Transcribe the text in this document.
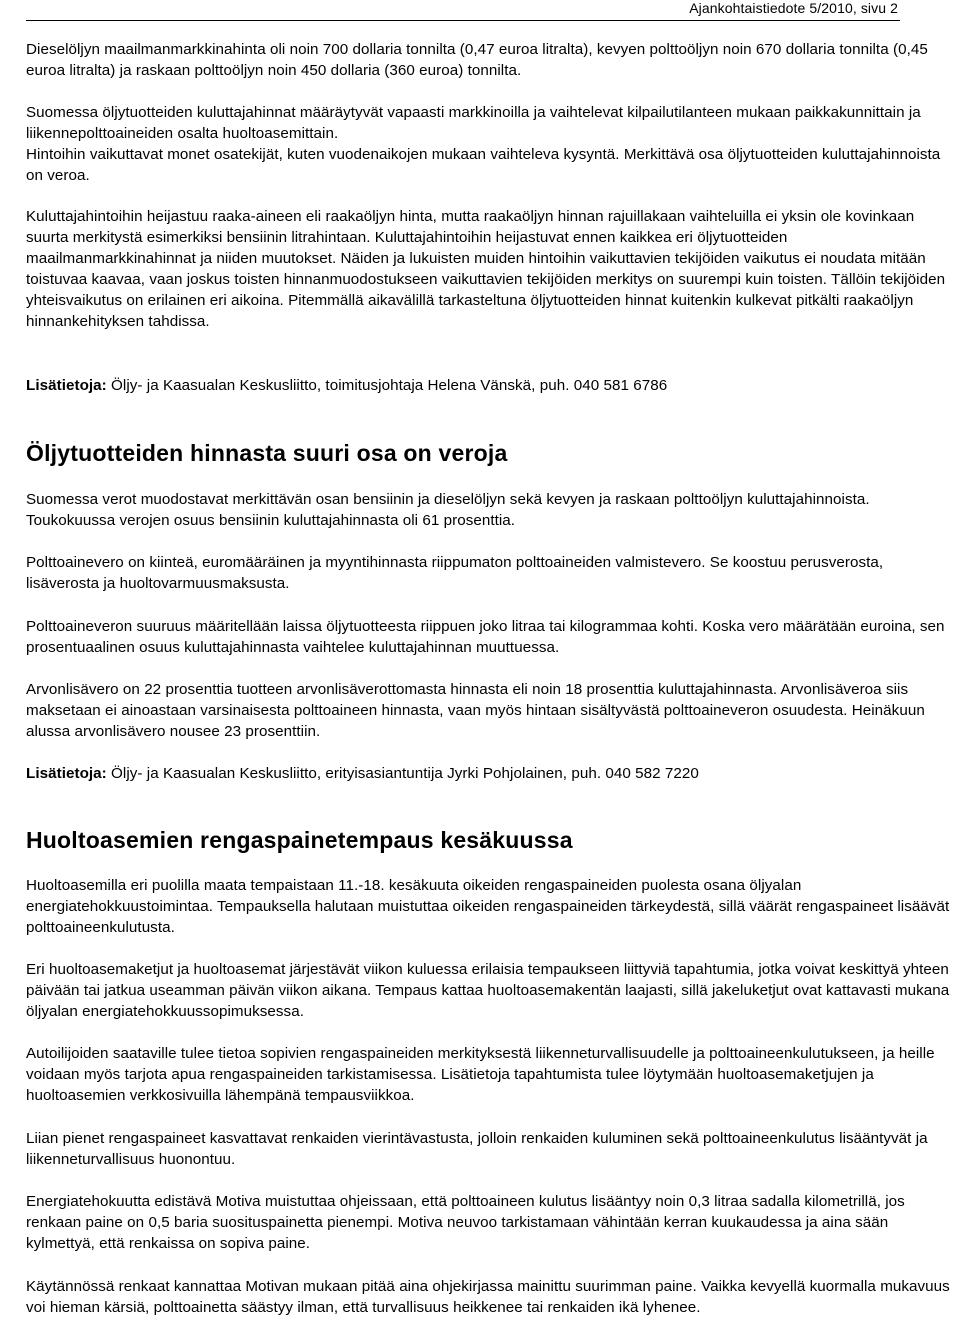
Ajankohtaistiedote 5/2010, sivu 2

Dieselöljyn maailmanmarkkinahinta oli noin 700 dollaria tonnilta (0,47 euroa litralta), kevyen polttoöljyn noin 670 dollaria tonnilta (0,45 euroa litralta) ja raskaan polttoöljyn noin 450 dollaria (360 euroa) tonnilta.

Suomessa öljytuotteiden kuluttajahinnat määräytyvät vapaasti markkinoilla ja vaihtelevat kilpailutilanteen mukaan paikkakunnittain ja liikennepolttoaineiden osalta huoltoasemittain.

Hintoihin vaikuttavat monet osatekijät, kuten vuodenaikojen mukaan vaihteleva kysyntä. Merkittävä osa öljytuotteiden kuluttajahinnoista on veroa.

Kuluttajahintoihin heijastuu raaka-aineen eli raakaöljyn hinta, mutta raakaöljyn hinnan rajuillakaan vaihteluilla ei yksin ole kovinkaan suurta merkitystä esimerkiksi bensiinin litrahintaan. Kuluttajahintoihin heijastuvat ennen kaikkea eri öljytuotteiden maailmanmarkkinahinnat ja niiden muutokset. Näiden ja lukuisten muiden hintoihin vaikuttavien tekijöiden vaikutus ei noudata mitään toistuvaa kaavaa, vaan joskus toisten hinnanmuodostukseen vaikuttavien tekijöiden merkitys on suurempi kuin toisten. Tällöin tekijöiden yhteisvaikutus on erilainen eri aikoina. Pitemmällä aikavälillä tarkasteltuna öljytuotteiden hinnat kuitenkin kulkevat pitkälti raakaöljyn hinnankehityksen tahdissa.

Lisätietoja: Öljy- ja Kaasualan Keskusliitto, toimitusjohtaja Helena Vänskä, puh. 040 581 6786

Öljytuotteiden hinnasta suuri osa on veroja

Suomessa verot muodostavat merkittävän osan bensiinin ja dieselöljyn sekä kevyen ja raskaan polttoöljyn kuluttajahinnoista. Toukokuussa verojen osuus bensiinin kuluttajahinnasta oli 61 prosenttia.

Polttoainevero on kiinteä, euromääräinen ja myyntihinnasta riippumaton polttoaineiden valmistevero. Se koostuu perusverosta, lisäverosta ja huoltovarmuusmaksusta.

Polttoaineveron suuruus määritellään laissa öljytuotteesta riippuen joko litraa tai kilogrammaa kohti. Koska vero määrätään euroina, sen prosentuaalinen osuus kuluttajahinnasta vaihtelee kuluttajahinnan muuttuessa.

Arvonlisävero on 22 prosenttia tuotteen arvonlisäverottomasta hinnasta eli noin 18 prosenttia kuluttajahinnasta. Arvonlisäveroa siis maksetaan ei ainoastaan varsinaisesta polttoaineen hinnasta, vaan myös hintaan sisältyvästä polttoaineveron osuudesta. Heinäkuun alussa arvonlisävero nousee 23 prosenttiin.

Lisätietoja: Öljy- ja Kaasualan Keskusliitto, erityisasiantuntija Jyrki Pohjolainen, puh. 040 582 7220

Huoltoasemien rengaspainetempaus kesäkuussa

Huoltoasemilla eri puolilla maata tempaistaan 11.-18. kesäkuuta oikeiden rengaspaineiden puolesta osana öljyalan energiatehokkuustoimintaa. Tempauksella halutaan muistuttaa oikeiden rengaspaineiden tärkeydestä, sillä väärät rengaspaineet lisäävät polttoaineenkulutusta.

Eri huoltoasemaketjut ja huoltoasemat järjestävät viikon kuluessa erilaisia tempaukseen liittyviä tapahtumia, jotka voivat keskittyä yhteen päivään tai jatkua useamman päivän viikon aikana. Tempaus kattaa huoltoasemakentän laajasti, sillä jakeluketjut ovat kattavasti mukana öljyalan energiatehokkuussopimuksessa.

Autoilijoiden saataville tulee tietoa sopivien rengaspaineiden merkityksestä liikenneturvallisuudelle ja polttoaineenkulutukseen, ja heille voidaan myös tarjota apua rengaspaineiden tarkistamisessa. Lisätietoja tapahtumista tulee löytymään huoltoasemaketjujen ja huoltoasemien verkkosivuilla lähempänä tempausviikkoa.

Liian pienet rengaspaineet kasvattavat renkaiden vierintävastusta, jolloin renkaiden kuluminen sekä polttoaineenkulutus lisääntyvät ja liikenneturvallisuus huonontuu.

Energiatehokuutta edistävä Motiva muistuttaa ohjeissaan, että polttoaineen kulutus lisääntyy noin 0,3 litraa sadalla kilometrillä, jos renkaan paine on 0,5 baria suosituspainetta pienempi. Motiva neuvoo tarkistamaan vähintään kerran kuukaudessa ja aina sään kylmettyä, että renkaissa on sopiva paine.

Käytännössä renkaat kannattaa Motivan mukaan pitää aina ohjekirjassa mainittu suurimman paine. Vaikka kevyellä kuormalla mukavuus voi hieman kärsiä, polttoainetta säästyy ilman, että turvallisuus heikkenee tai renkaiden ikä lyhenee.
